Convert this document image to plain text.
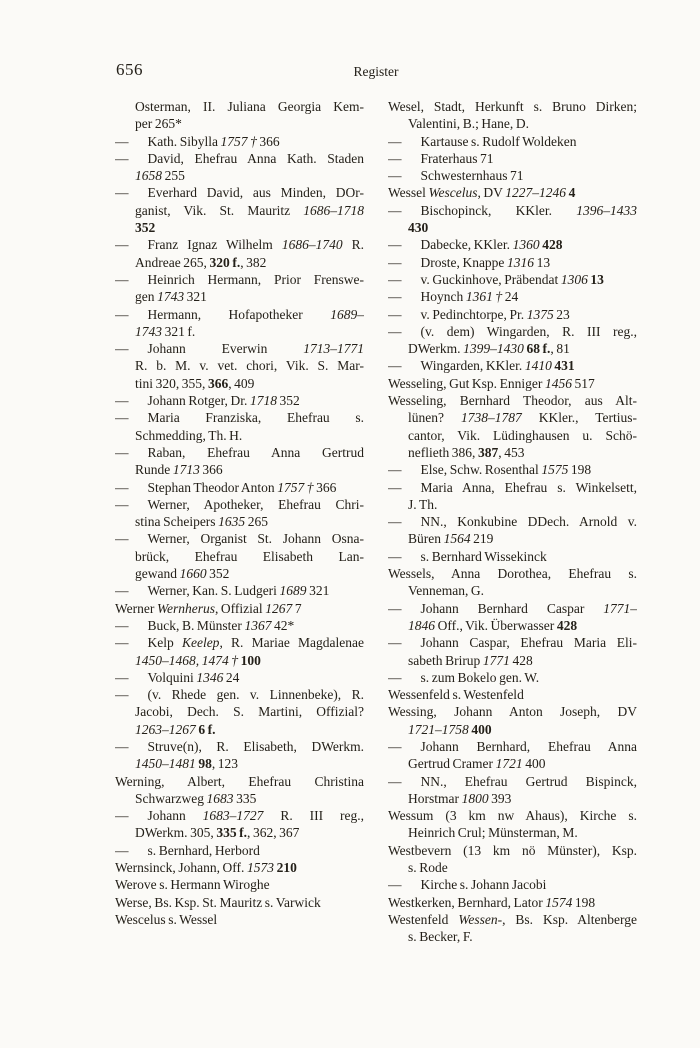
656	Register
Osterman, II. Juliana Georgia Kem-
per 265*
— Kath. Sibylla 1757 † 366
— David, Ehefrau Anna Kath. Staden
1658 255
— Everhard David, aus Minden, DOr-
ganist, Vik. St. Mauritz 1686–1718
352
— Franz Ignaz Wilhelm 1686–1740 R.
Andreae 265, 320 f., 382
— Heinrich Hermann, Prior Frenswe-
gen 1743 321
— Hermann, Hofapotheker 1689–
1743 321 f.
— Johann Everwin 1713–1771
R. b. M. v. vet. chori, Vik. S. Mar-
tini 320, 355, 366, 409
— Johann Rotger, Dr. 1718 352
— Maria Franziska, Ehefrau s.
Schmedding, Th. H.
— Raban, Ehefrau Anna Gertrud
Runde 1713 366
— Stephan Theodor Anton 1757 † 366
— Werner, Apotheker, Ehefrau Chri-
stina Scheipers 1635 265
— Werner, Organist St. Johann Osna-
brück, Ehefrau Elisabeth Lan-
gewand 1660 352
— Werner, Kan. S. Ludgeri 1689 321
Werner Wernherus, Offizial 1267 7
— Buck, B. Münster 1367 42*
— Kelp Keelep, R. Mariae Magdalenae
1450–1468, 1474 † 100
— Volquini 1346 24
— (v. Rhede gen. v. Linnenbeke), R.
Jacobi, Dech. S. Martini, Offizial?
1263–1267 6 f.
— Struve(n), R. Elisabeth, DWerkm.
1450–1481 98, 123
Werning, Albert, Ehefrau Christina
Schwarzweg 1683 335
— Johann 1683–1727 R. III reg.,
DWerkm. 305, 335 f., 362, 367
— s. Bernhard, Herbord
Wernsinck, Johann, Off. 1573 210
Werove s. Hermann Wiroghe
Werse, Bs. Ksp. St. Mauritz s. Varwick
Wescelus s. Wessel
Wesel, Stadt, Herkunft s. Bruno Dirken;
Valentini, B.; Hane, D.
— Kartause s. Rudolf Woldeken
— Fraterhaus 71
— Schwesternhaus 71
Wessel Wescelus, DV 1227–1246 4
— Bischopinck, KKler. 1396–1433
430
— Dabecke, KKler. 1360 428
— Droste, Knappe 1316 13
— v. Guckinhove, Präbendat 1306 13
— Hoynch 1361 † 24
— v. Pedinchtorpe, Pr. 1375 23
— (v. dem) Wingarden, R. III reg.,
DWerkm. 1399–1430 68 f., 81
— Wingarden, KKler. 1410 431
Wesseling, Gut Ksp. Enniger 1456 517
Wesseling, Bernhard Theodor, aus Alt-
lünen? 1738–1787 KKler., Tertius-
cantor, Vik. Lüdinghausen u. Schö-
neflieth 386, 387, 453
— Else, Schw. Rosenthal 1575 198
— Maria Anna, Ehefrau s. Winkelsett,
J. Th.
— NN., Konkubine DDech. Arnold v.
Büren 1564 219
— s. Bernhard Wissekinck
Wessels, Anna Dorothea, Ehefrau s.
Venneman, G.
— Johann Bernhard Caspar 1771–
1846 Off., Vik. Überwasser 428
— Johann Caspar, Ehefrau Maria Eli-
sabeth Brirup 1771 428
— s. zum Bokelo gen. W.
Wessenfeld s. Westenfeld
Wessing, Johann Anton Joseph, DV
1721–1758 400
— Johann Bernhard, Ehefrau Anna
Gertrud Cramer 1721 400
— NN., Ehefrau Gertrud Bispinck,
Horstmar 1800 393
Wessum (3 km nw Ahaus), Kirche s.
Heinrich Crul; Münsterman, M.
Westbevern (13 km nö Münster), Ksp.
s. Rode
— Kirche s. Johann Jacobi
Westkerken, Bernhard, Lator 1574 198
Westenfeld Wessen-, Bs. Ksp. Altenberge
s. Becker, F.
